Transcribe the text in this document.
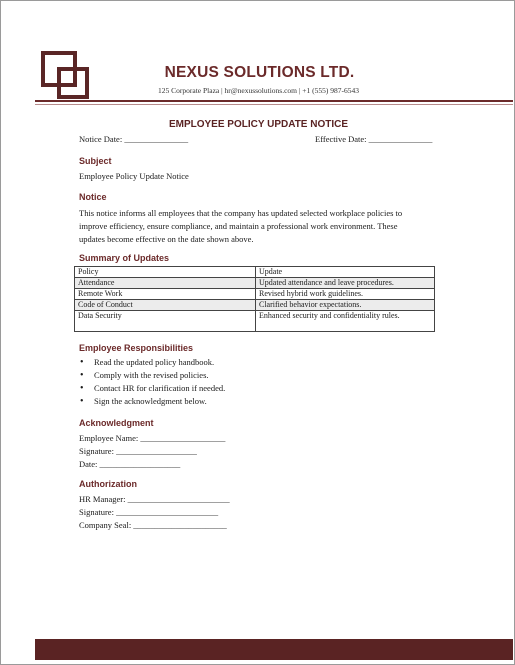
NEXUS SOLUTIONS LTD.
125 Corporate Plaza | hr@nexussolutions.com | +1 (555) 987-6543
EMPLOYEE POLICY UPDATE NOTICE
Notice Date: _______________	Effective Date: _______________
Subject
Employee Policy Update Notice
Notice
This notice informs all employees that the company has updated selected workplace policies to improve efficiency, ensure compliance, and maintain a professional work environment. These updates become effective on the date shown above.
Summary of Updates
Policy	Update
Attendance	Updated attendance and leave procedures.
Remote Work	Revised hybrid work guidelines.
Code of Conduct	Clarified behavior expectations.
Data Security	Enhanced security and confidentiality rules.
Employee Responsibilities
• Read the updated policy handbook.
• Comply with the revised policies.
• Contact HR for clarification if needed.
• Sign the acknowledgment below.
Acknowledgment
Employee Name: ____________________
Signature: ___________________
Date: ___________________
Authorization
HR Manager: ________________________
Signature: ________________________
Company Seal: ______________________
